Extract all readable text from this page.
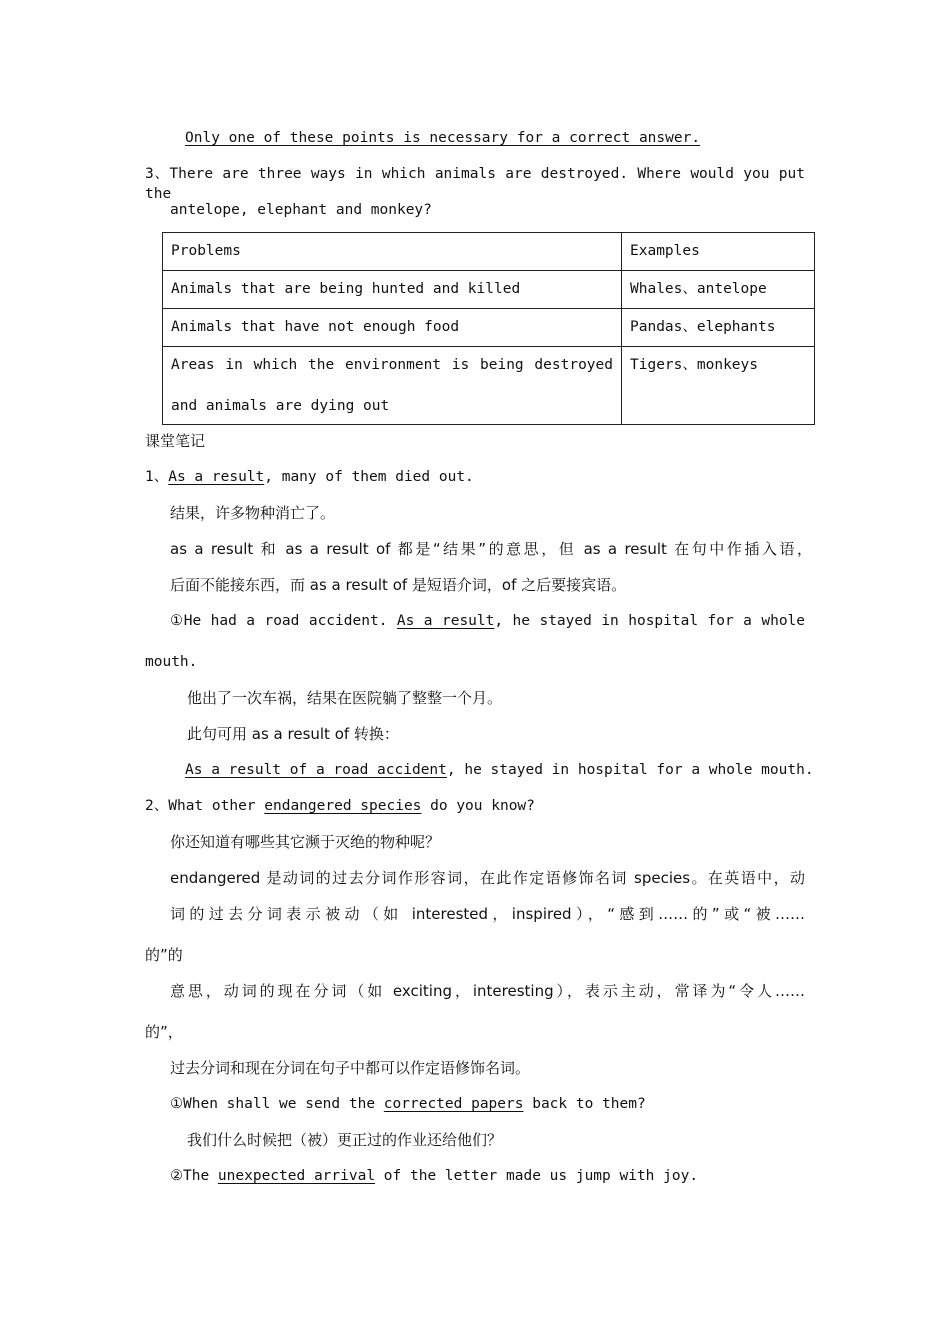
Only one of these points is necessary for a correct answer.
3、There are three ways in which animals are destroyed. Where would you put the
antelope, elephant and monkey?
Problems	Examples
Animals that are being hunted and killed	Whales、antelope
Animals that have not enough food	Pandas、elephants

Areas in which the environment is being destroyed
and animals are dying out	Tigers、monkeys
课堂笔记
1、As a result, many of them died out.
结果，许多物种消亡了。
as a result 和 as a result of 都是“结果”的意思，但 as a result 在句中作插入语，
后面不能接东西，而 as a result of 是短语介词，of 之后要接宾语。
①He had a road accident. As a result, he stayed in hospital for a whole
mouth.
他出了一次车祸，结果在医院躺了整整一个月。
此句可用 as a result of 转换：
As a result of a road accident, he stayed in hospital for a whole mouth.
2、What other endangered species do you know?
你还知道有哪些其它濒于灭绝的物种呢？
endangered 是动词的过去分词作形容词，在此作定语修饰名词 species。在英语中，动
词的过去分词表示被动（如 interested，inspired），“感到……的”或“被……
的”的
意思，动词的现在分词（如 exciting，interesting），表示主动，常译为“令人……
的”，
过去分词和现在分词在句子中都可以作定语修饰名词。
①When shall we send the corrected papers back to them?
我们什么时候把（被）更正过的作业还给他们？
②The unexpected arrival of the letter made us jump with joy.
